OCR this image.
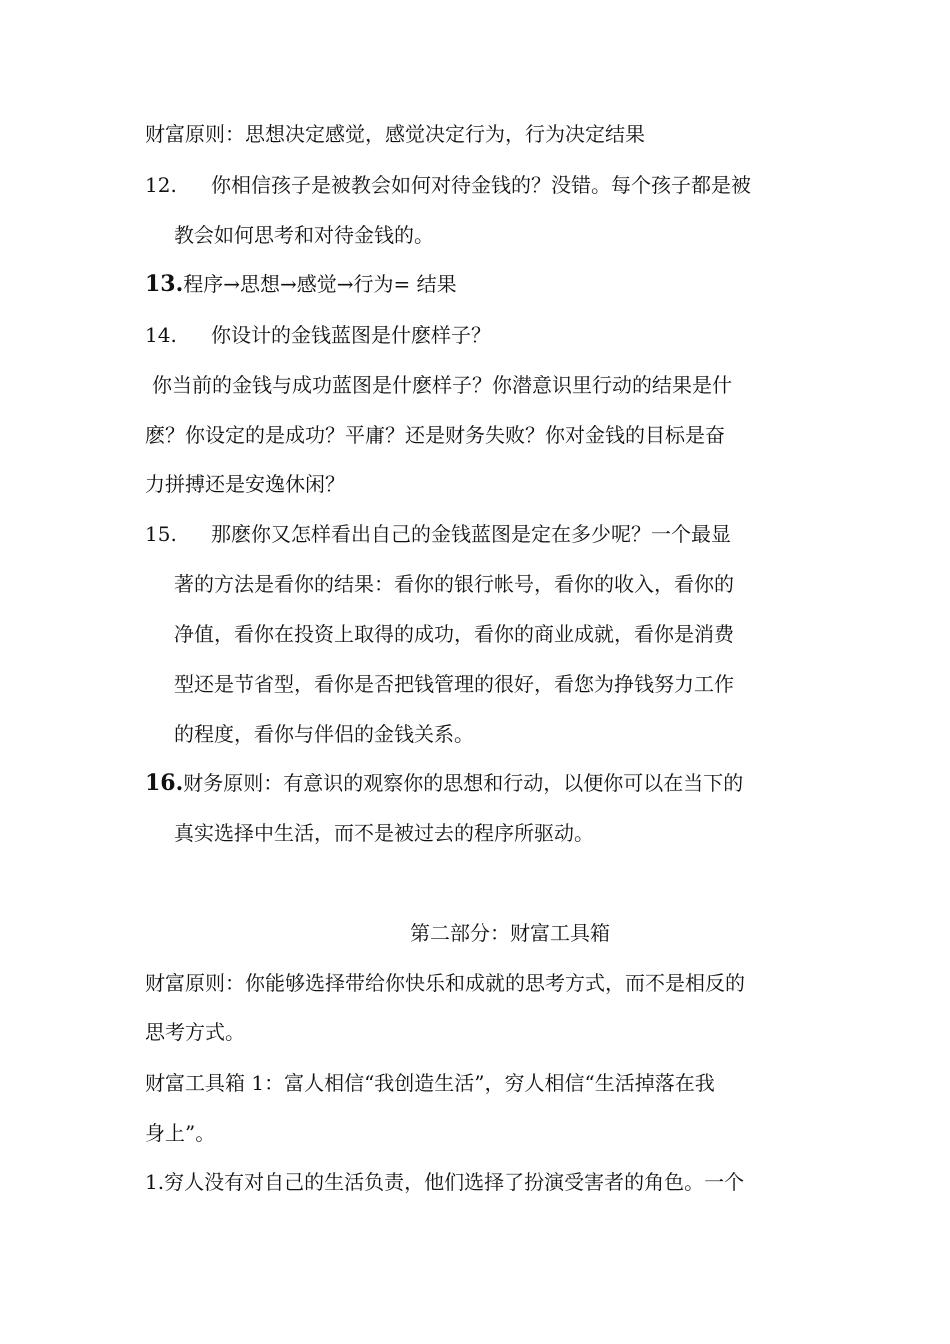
财富原则：思想决定感觉，感觉决定行为，行为决定结果
12. 你相信孩子是被教会如何对待金钱的？没错。每个孩子都是被
教会如何思考和对待金钱的。
13.程序→思想→感觉→行为= 结果
14. 你设计的金钱蓝图是什麽样子？
你当前的金钱与成功蓝图是什麽样子？你潜意识里行动的结果是什
麽？你设定的是成功？平庸？还是财务失败？你对金钱的目标是奋
力拼搏还是安逸休闲？
15. 那麽你又怎样看出自己的金钱蓝图是定在多少呢？一个最显
著的方法是看你的结果：看你的银行帐号，看你的收入，看你的
净值，看你在投资上取得的成功，看你的商业成就，看你是消费
型还是节省型，看你是否把钱管理的很好，看您为挣钱努力工作
的程度，看你与伴侣的金钱关系。
16.财务原则：有意识的观察你的思想和行动，以便你可以在当下的
真实选择中生活，而不是被过去的程序所驱动。
第二部分：财富工具箱
财富原则：你能够选择带给你快乐和成就的思考方式，而不是相反的
思考方式。
财富工具箱 1：富人相信“我创造生活”，穷人相信“生活掉落在我
身上”。
1.穷人没有对自己的生活负责，他们选择了扮演受害者的角色。一个
